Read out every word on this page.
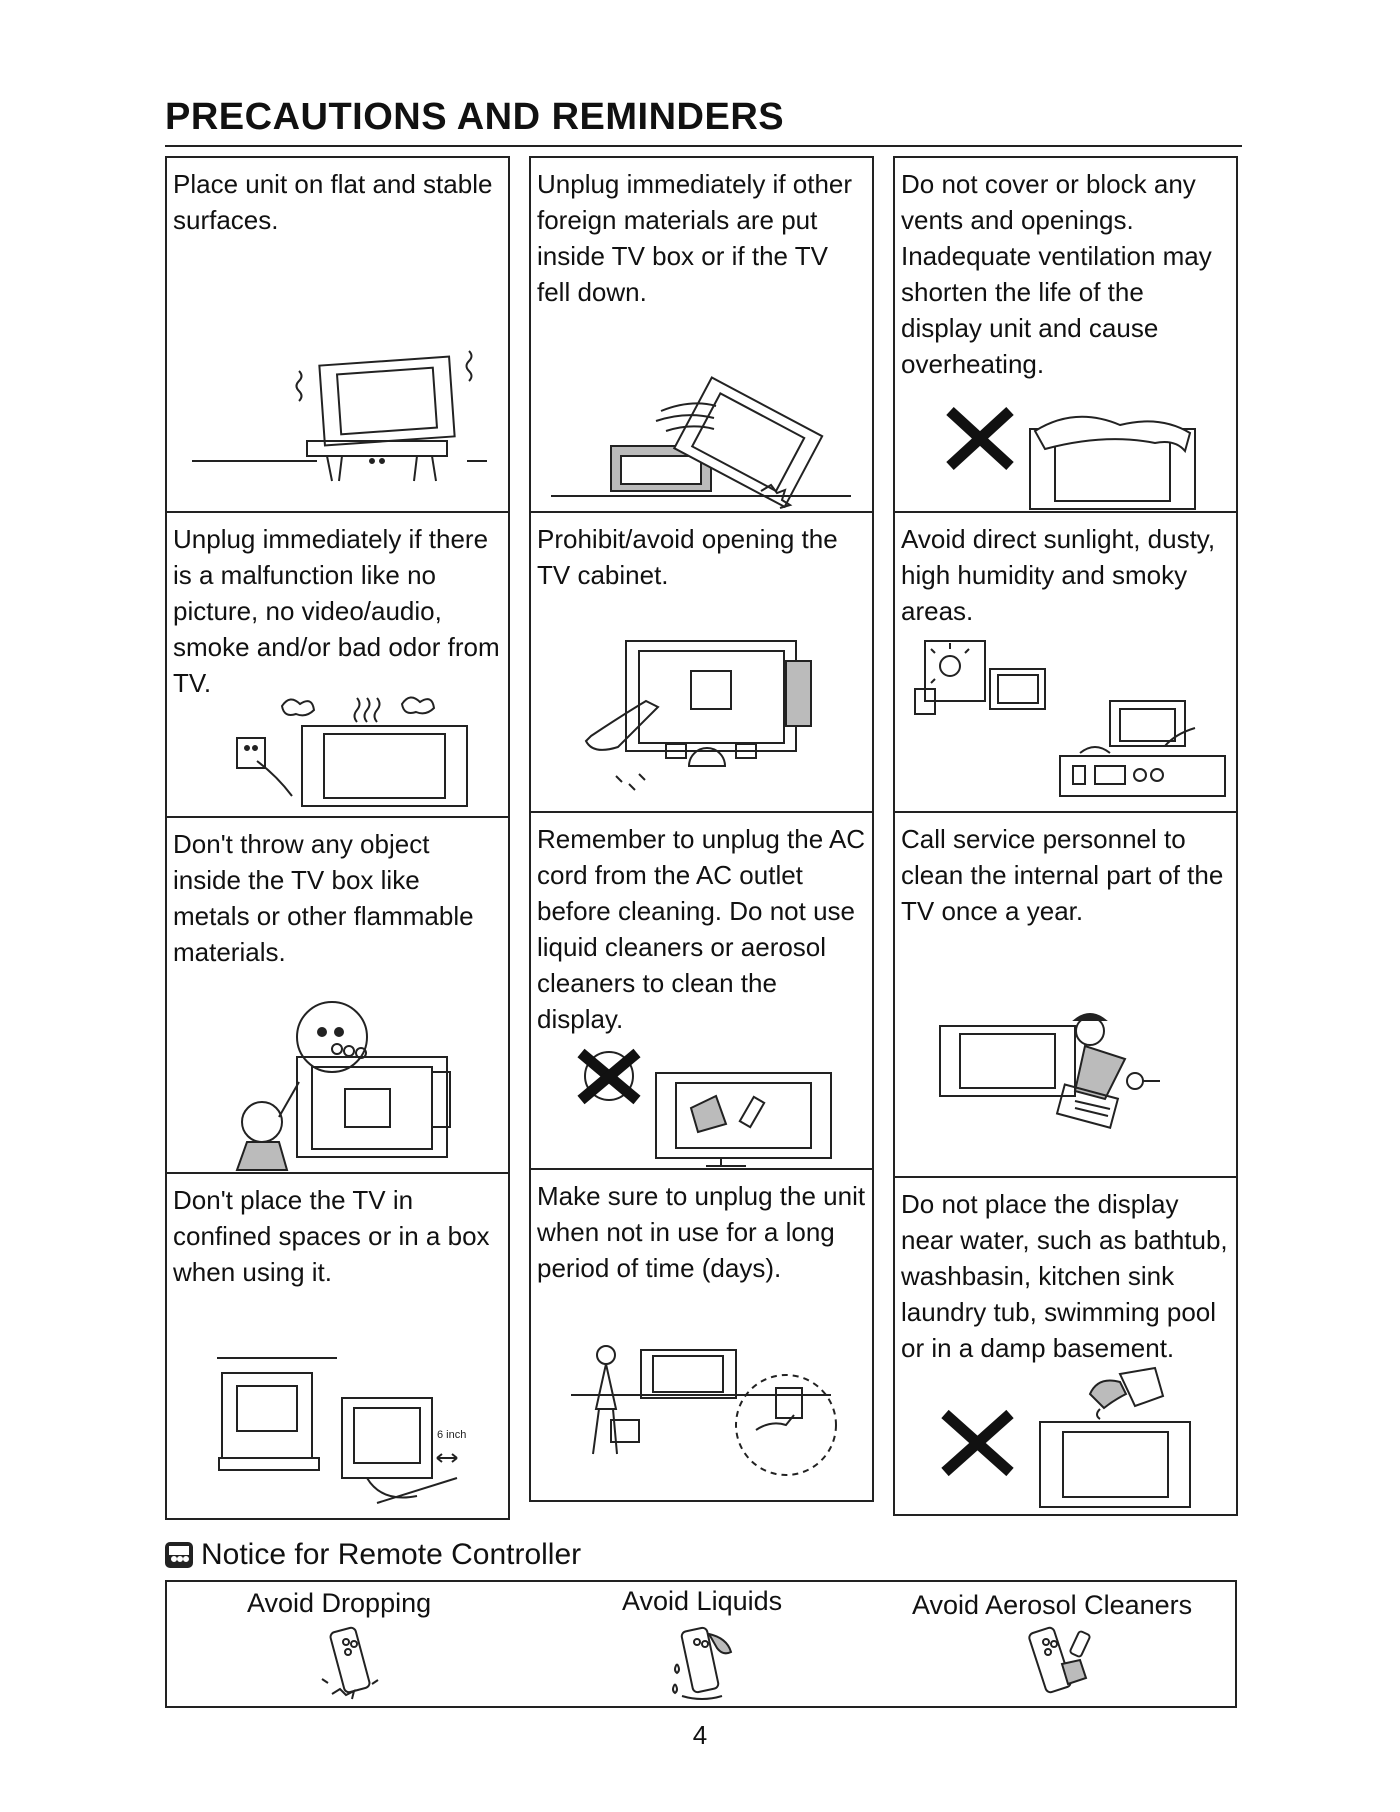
PRECAUTIONS AND REMINDERS

Place unit on flat and stable surfaces.

Unplug immediately if there is a malfunction like no picture, no video/audio, smoke and/or bad odor from TV.

Don't throw any object inside the TV box like metals or other flammable materials.

Don't place the TV in confined spaces or in a box when using it.

6 inch

Unplug immediately if other foreign materials are put inside TV box or if the TV fell down.

Prohibit/avoid opening the TV cabinet.

Remember to unplug the AC cord from the AC outlet before cleaning. Do not use liquid cleaners or aerosol cleaners to clean the display.

Make sure to unplug the unit when not in use for a long period of time (days).

Do not cover or block any vents and openings. Inadequate ventilation may shorten the life of the display unit and cause overheating.

Avoid direct sunlight, dusty, high humidity and smoky areas.

Call service personnel to clean the internal part of the TV once a year.

Do not place the display near water, such as bathtub, washbasin, kitchen sink laundry tub, swimming pool or in a damp basement.

Notice for Remote Controller
Avoid Dropping	Avoid Liquids	Avoid Aerosol Cleaners
4
